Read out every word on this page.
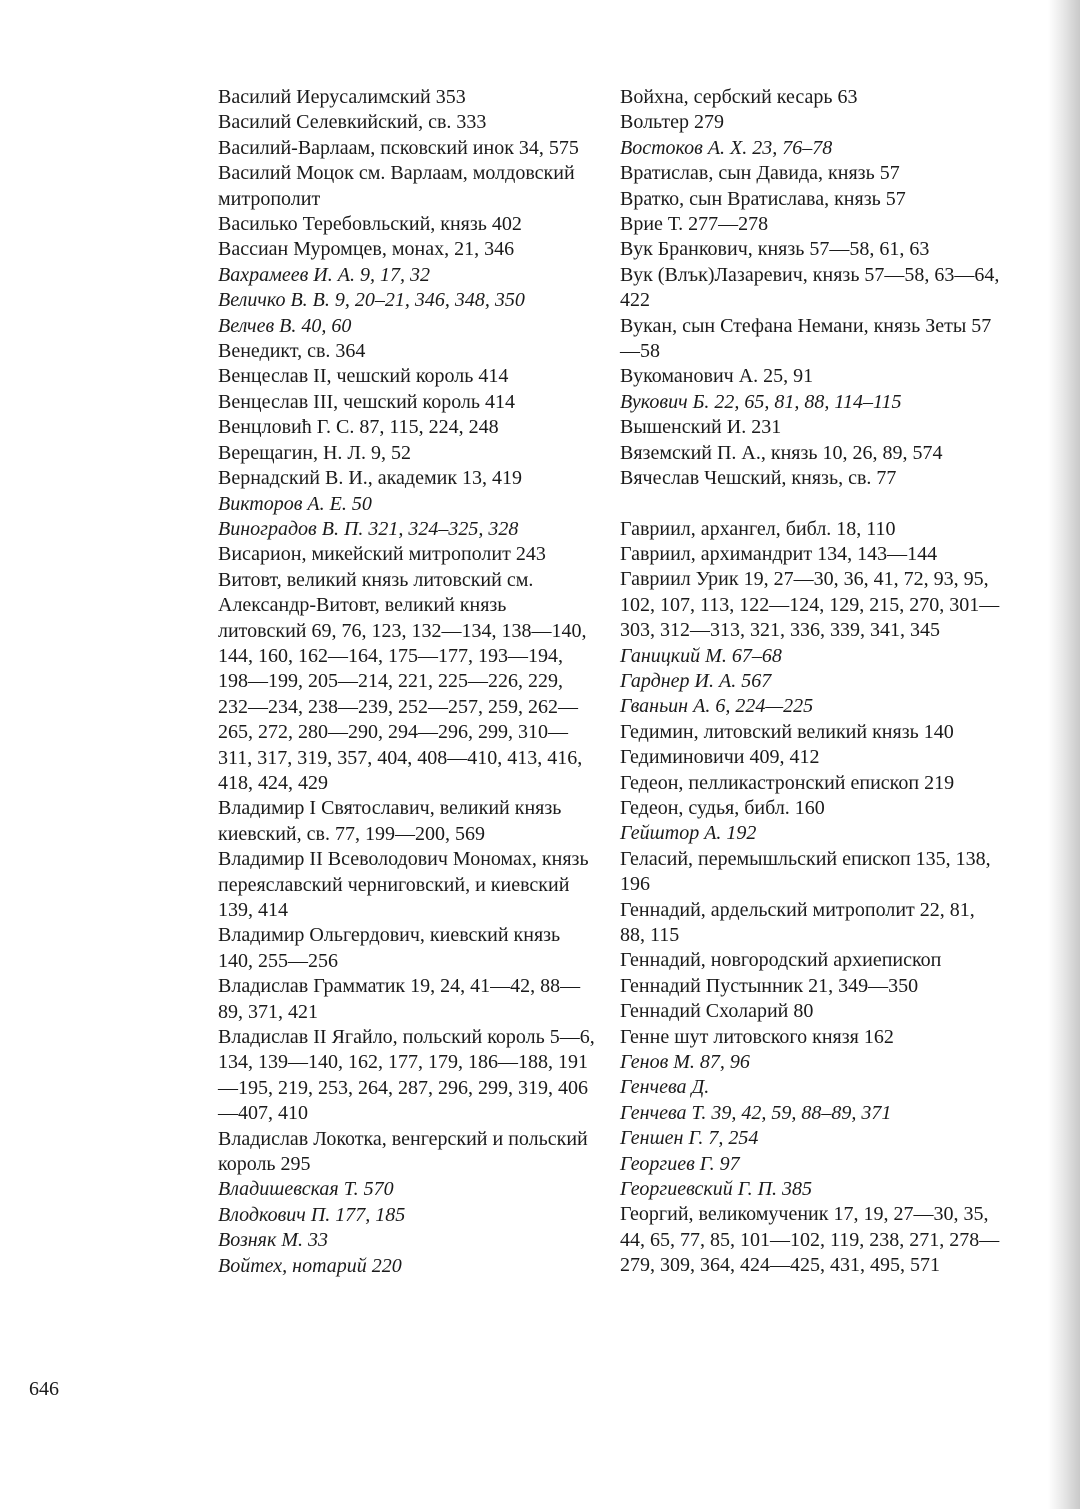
Василий Иерусалимский 353

Василий Селевкийский, св. 333

Василий-Варлаам, псковский инок 34, 575

Василий Моцок см. Варлаам, молдовский митрополит

Василько Теребовльский, князь 402

Вассиан Муромцев, монах, 21, 346

Вахрамеев И. А. 9, 17, 32

Величко В. В. 9, 20–21, 346, 348, 350

Велчев В. 40, 60

Венедикт, св. 364

Венцеслав II, чешский король 414

Венцеслав III, чешский король 414

Венцловић Г. С. 87, 115, 224, 248

Верещагин, Н. Л. 9, 52

Вернадский В. И., академик 13, 419

Викторов А. Е. 50

Виноградов В. П. 321, 324–325, 328

Висарион, микейский митрополит 243

Витовт, великий князь литовский см. Александр-Витовт, великий князь литовский 69, 76, 123, 132—134, 138—140, 144, 160, 162—164, 175—177, 193—194, 198—199, 205—214, 221, 225—226, 229, 232—234, 238—239, 252—257, 259, 262—265, 272, 280—290, 294—296, 299, 310—311, 317, 319, 357, 404, 408—410, 413, 416, 418, 424, 429

Владимир I Святославич, великий князь киевский, св. 77, 199—200, 569

Владимир II Всеволодович Мономах, князь переяславский черниговский, и киевский 139, 414

Владимир Ольгердович, киевский князь 140, 255—256

Владислав Грамматик 19, 24, 41—42, 88—89, 371, 421

Владислав II Ягайло, польский король 5—6, 134, 139—140, 162, 177, 179, 186—188, 191—195, 219, 253, 264, 287, 296, 299, 319, 406—407, 410

Владислав Локотка, венгерский и польский король 295

Владишевская Т. 570

Влодкович П. 177, 185

Возняк М. 33

Войтех, нотарий 220

Войхна, сербский кесарь 63

Вольтер 279

Востоков А. Х. 23, 76–78

Вратислав, сын Давида, князь 57

Вратко, сын Вратислава, князь 57

Врие Т. 277—278

Вук Бранкович, князь 57—58, 61, 63

Вук (Влък)Лазаревич, князь 57—58, 63—64, 422

Вукан, сын Стефана Немани, князь Зеты 57—58

Вукоманович А. 25, 91

Вукович Б. 22, 65, 81, 88, 114–115

Вышенский И. 231

Вяземский П. А., князь 10, 26, 89, 574

Вячеслав Чешский, князь, св. 77

Гавриил, архангел, библ. 18, 110

Гавриил, архимандрит 134, 143—144

Гавриил Урик 19, 27—30, 36, 41, 72, 93, 95, 102, 107, 113, 122—124, 129, 215, 270, 301—303, 312—313, 321, 336, 339, 341, 345

Ганицкий М. 67–68

Гарднер И. А. 567

Гваньин А. 6, 224—225

Гедимин, литовский великий князь 140

Гедиминовичи 409, 412

Гедеон, пелликастронский епископ 219

Гедеон, судья, библ. 160

Гейштор А. 192

Геласий, перемышльский епископ 135, 138, 196

Геннадий, ардельский митрополит 22, 81, 88, 115

Геннадий, новгородский архиепископ

Геннадий Пустынник 21, 349—350

Геннадий Схоларий 80

Генне шут литовского князя 162

Генов М. 87, 96

Генчева Д.

Генчева Т. 39, 42, 59, 88–89, 371

Геншен Г. 7, 254

Георгиев Г. 97

Георгиевский Г. П. 385

Георгий, великомученик 17, 19, 27—30, 35, 44, 65, 77, 85, 101—102, 119, 238, 271, 278—279, 309, 364, 424—425, 431, 495, 571

646
